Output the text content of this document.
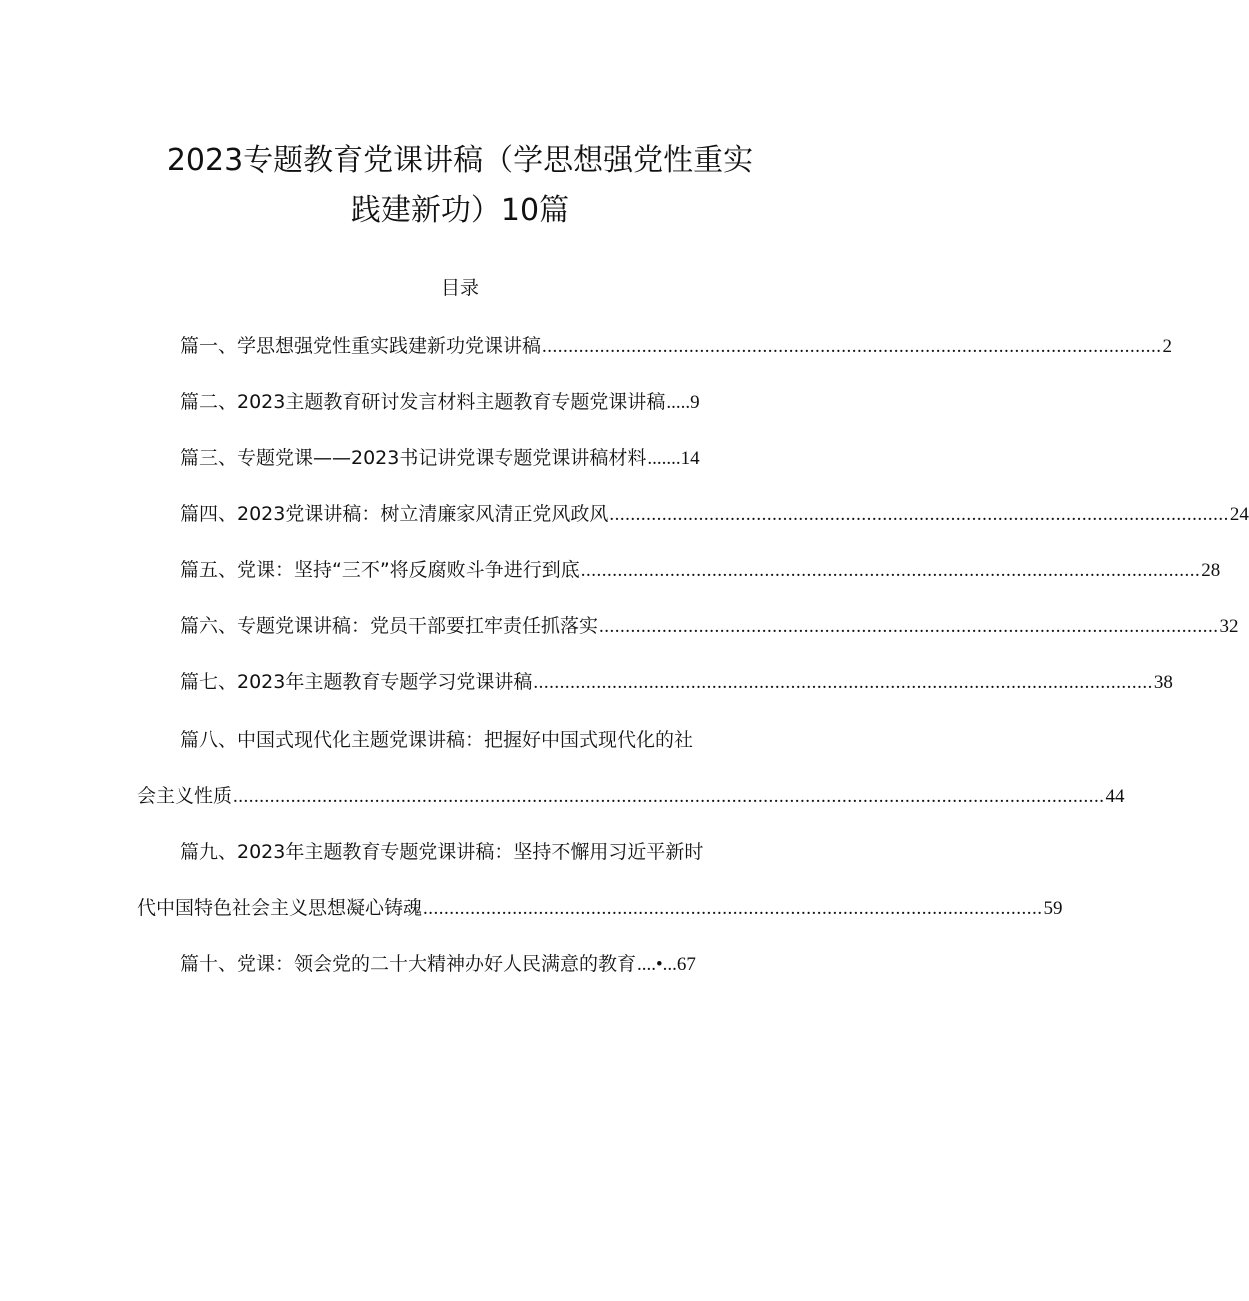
2023专题教育党课讲稿（学思想强党性重实
践建新功）10篇
目录
篇一、学思想强党性重实践建新功党课讲稿 ...................................................................................................................... 2
篇二、2023主题教育研讨发言材料主题教育专题党课讲稿 ..... 9
篇三、专题党课——2023书记讲党课专题党课讲稿材料 ....... 14
篇四、2023党课讲稿：树立清廉家风清正党风政风 ...................................................................................................................... 24
篇五、党课：坚持“三不”将反腐败斗争进行到底 ...................................................................................................................... 28
篇六、专题党课讲稿：党员干部要扛牢责任抓落实 ...................................................................................................................... 32
篇七、2023年主题教育专题学习党课讲稿 ...................................................................................................................... 38
篇八、中国式现代化主题党课讲稿：把握好中国式现代化的社
会主义性质 ...................................................................................................................................................................... 44
篇九、2023年主题教育专题党课讲稿：坚持不懈用习近平新时
代中国特色社会主义思想凝心铸魂 ...................................................................................................................... 59
篇十、党课：领会党的二十大精神办好人民满意的教育 ....•... 67
